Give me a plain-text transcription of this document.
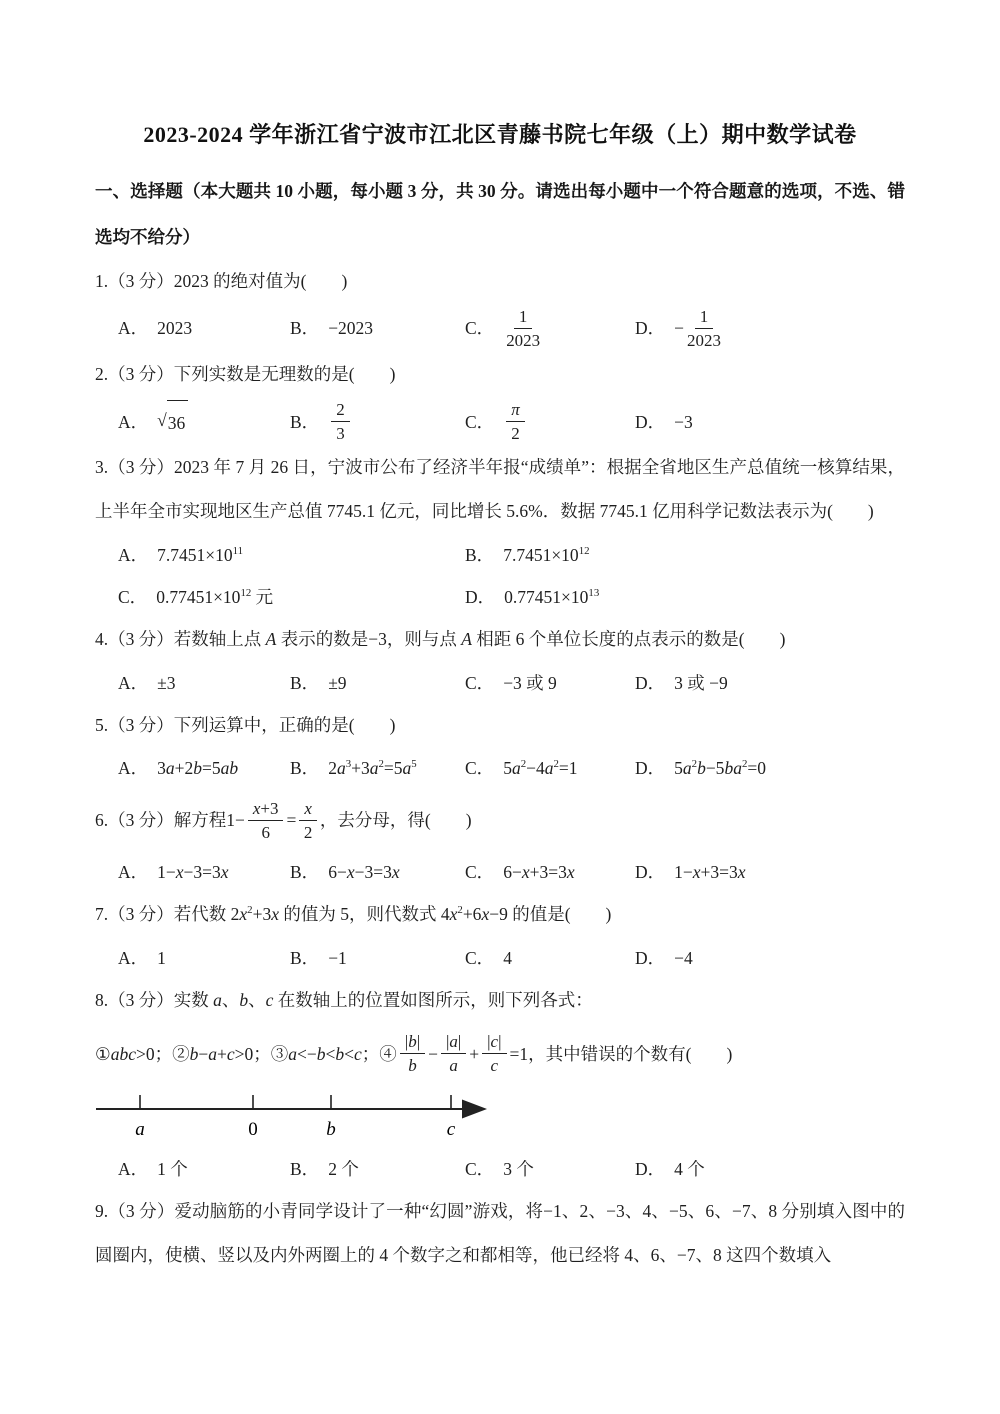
2023-2024 学年浙江省宁波市江北区青藤书院七年级（上）期中数学试卷

一、选择题（本大题共 10 小题，每小题 3 分，共 30 分。请选出每小题中一个符合题意的选项，不选、错选均不给分）

1.（3 分）2023 的绝对值为(　　)

A． 2023	B． −2023	C． $\frac{1}{2023}$	D． − $\frac{1}{2023}$

2.（3 分）下列实数是无理数的是(　　)

A． √ 36	B． $\frac{2}{3}$	C． $\frac{\pi}{2}$	D． −3

3.（3 分）2023 年 7 月 26 日，宁波市公布了经济半年报“成绩单”：根据全省地区生产总值统一核算结果，上半年全市实现地区生产总值 7745.1 亿元，同比增长 5.6%．数据 7745.1 亿用科学记数法表示为(　　)

A． $7.7451\times 10^{11}$	B． $7.7451\times 10^{12}$
C． $0.77451\times 10^{12}$ 元	D． $0.77451\times 10^{13}$

4.（3 分）若数轴上点 A 表示的数是−3，则与点 A 相距 6 个单位长度的点表示的数是(　　)

A． ±3	B． ±9	C． −3 或 9	D． 3 或 −9

5.（3 分）下列运算中，正确的是(　　)

A． 3a+2b=5ab	B． $2a^3+3a^2=5a^5$	C． $5a^2-4a^2=1$	D． $5a^2b-5ba^2=0$

6.（3 分）解方程$1- \frac{x+3}{6} = \frac{x}{2}$ ，去分母，得(　　)

A． 1−x−3=3x	B． 6−x−3=3x	C． 6−x+3=3x	D． 1−x+3=3x

7.（3 分）若代数 $2x^2+3x$ 的值为 5，则代数式 $4x^2+6x-9$ 的值是(　　)

A． 1	B． −1	C． 4	D． −4

8.（3 分）实数 a、b、c 在数轴上的位置如图所示，则下列各式：

①abc>0；②b−a+c>0；③a<−b<b<c；④ $\frac{|b|}{b} - \frac{|a|}{a} + \frac{|c|}{c} =1$，其中错误的个数有(　　)

a	0	b	c
A． 1 个	B． 2 个	C． 3 个	D． 4 个

9.（3 分）爱动脑筋的小青同学设计了一种“幻圆”游戏，将−1、2、−3、4、−5、6、−7、8 分别填入图中的圆圈内，使横、竖以及内外两圈上的 4 个数字之和都相等，他已经将 4、6、−7、8 这四个数填入
